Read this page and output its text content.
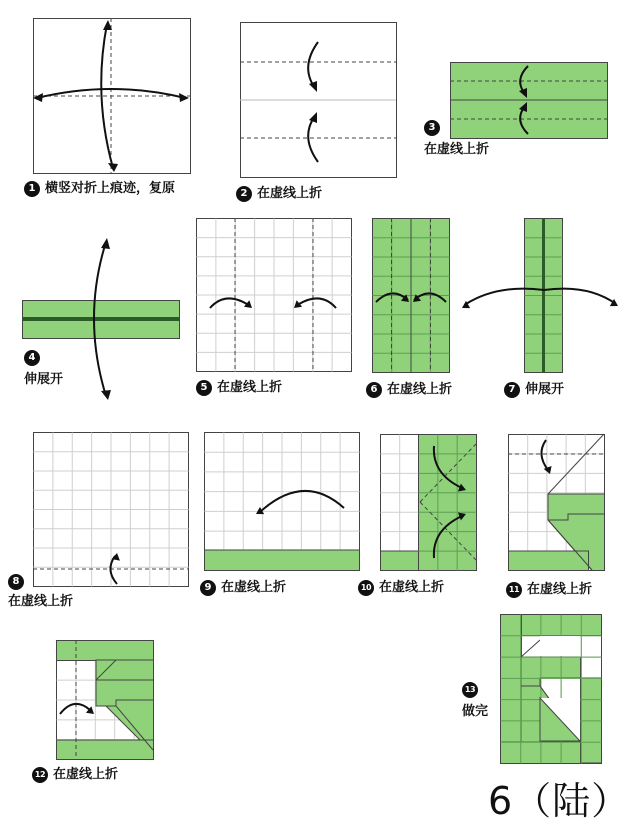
1 横竖对折上痕迹，复原	2 在虚线上折
3
在虚线上折
4
伸展开
5 在虚线上折	6 在虚线上折	7 伸展开
8
在虚线上折
9 在虚线上折	10 在虚线上折	11 在虚线上折
12 在虚线上折
13
做完
6（陆）
